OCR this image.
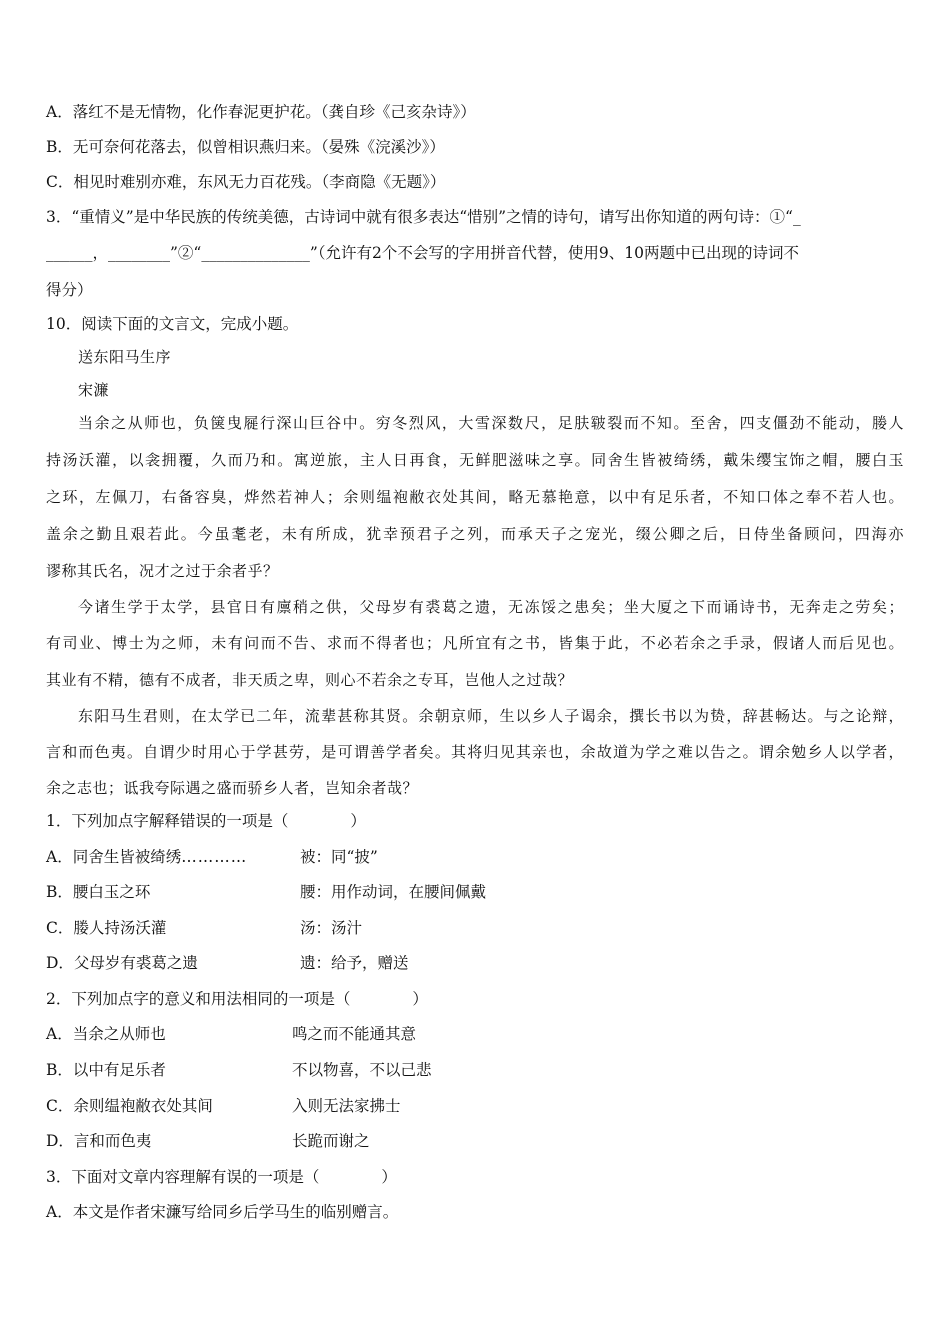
A．落红不是无情物，化作春泥更护花。（龚自珍《己亥杂诗》）
B．无可奈何花落去，似曾相识燕归来。（晏殊《浣溪沙》）
C．相见时难别亦难，东风无力百花残。（李商隐《无题》）
3．“重情义”是中华民族的传统美德，古诗词中就有很多表达“惜别”之情的诗句，请写出你知道的两句诗：①“_
______，________”②“______________”（允许有2个不会写的字用拼音代替，使用9、10两题中已出现的诗词不
得分）
10．阅读下面的文言文，完成小题。
送东阳马生序
宋濂
当余之从师也，负箧曳屣行深山巨谷中。穷冬烈风，大雪深数尺，足肤皲裂而不知。至舍，四支僵劲不能动，媵人
持汤沃灌，以衾拥覆，久而乃和。寓逆旅，主人日再食，无鲜肥滋味之享。同舍生皆被绮绣，戴朱缨宝饰之帽，腰白玉
之环，左佩刀，右备容臭，烨然若神人；余则缊袍敝衣处其间，略无慕艳意，以中有足乐者，不知口体之奉不若人也。
盖余之勤且艰若此。今虽耄老，未有所成，犹幸预君子之列，而承天子之宠光，缀公卿之后，日侍坐备顾问，四海亦
谬称其氏名，况才之过于余者乎？
今诸生学于太学，县官日有廪稍之供，父母岁有裘葛之遗，无冻馁之患矣；坐大厦之下而诵诗书，无奔走之劳矣；
有司业、博士为之师，未有问而不告、求而不得者也；凡所宜有之书，皆集于此，不必若余之手录，假诸人而后见也。
其业有不精，德有不成者，非天质之卑，则心不若余之专耳，岂他人之过哉？
东阳马生君则，在太学已二年，流辈甚称其贤。余朝京师，生以乡人子谒余，撰长书以为贽，辞甚畅达。与之论辩，
言和而色夷。自谓少时用心于学甚劳，是可谓善学者矣。其将归见其亲也，余故道为学之难以告之。谓余勉乡人以学者，
余之志也；诋我夸际遇之盛而骄乡人者，岂知余者哉？
1．下列加点字解释错误的一项是（　　　　）
A．同舍生皆被绮绣…………	被：同“披”
B．腰白玉之环	腰：用作动词，在腰间佩戴
C．媵人持汤沃灌	汤：汤汁
D．父母岁有裘葛之遗	遗：给予，赠送
2．下列加点字的意义和用法相同的一项是（　　　　）
A．当余之从师也	鸣之而不能通其意
B．以中有足乐者	不以物喜，不以己悲
C．余则缊袍敝衣处其间	入则无法家拂士
D．言和而色夷	长跪而谢之
3．下面对文章内容理解有误的一项是（　　　　）
A．本文是作者宋濂写给同乡后学马生的临别赠言。
